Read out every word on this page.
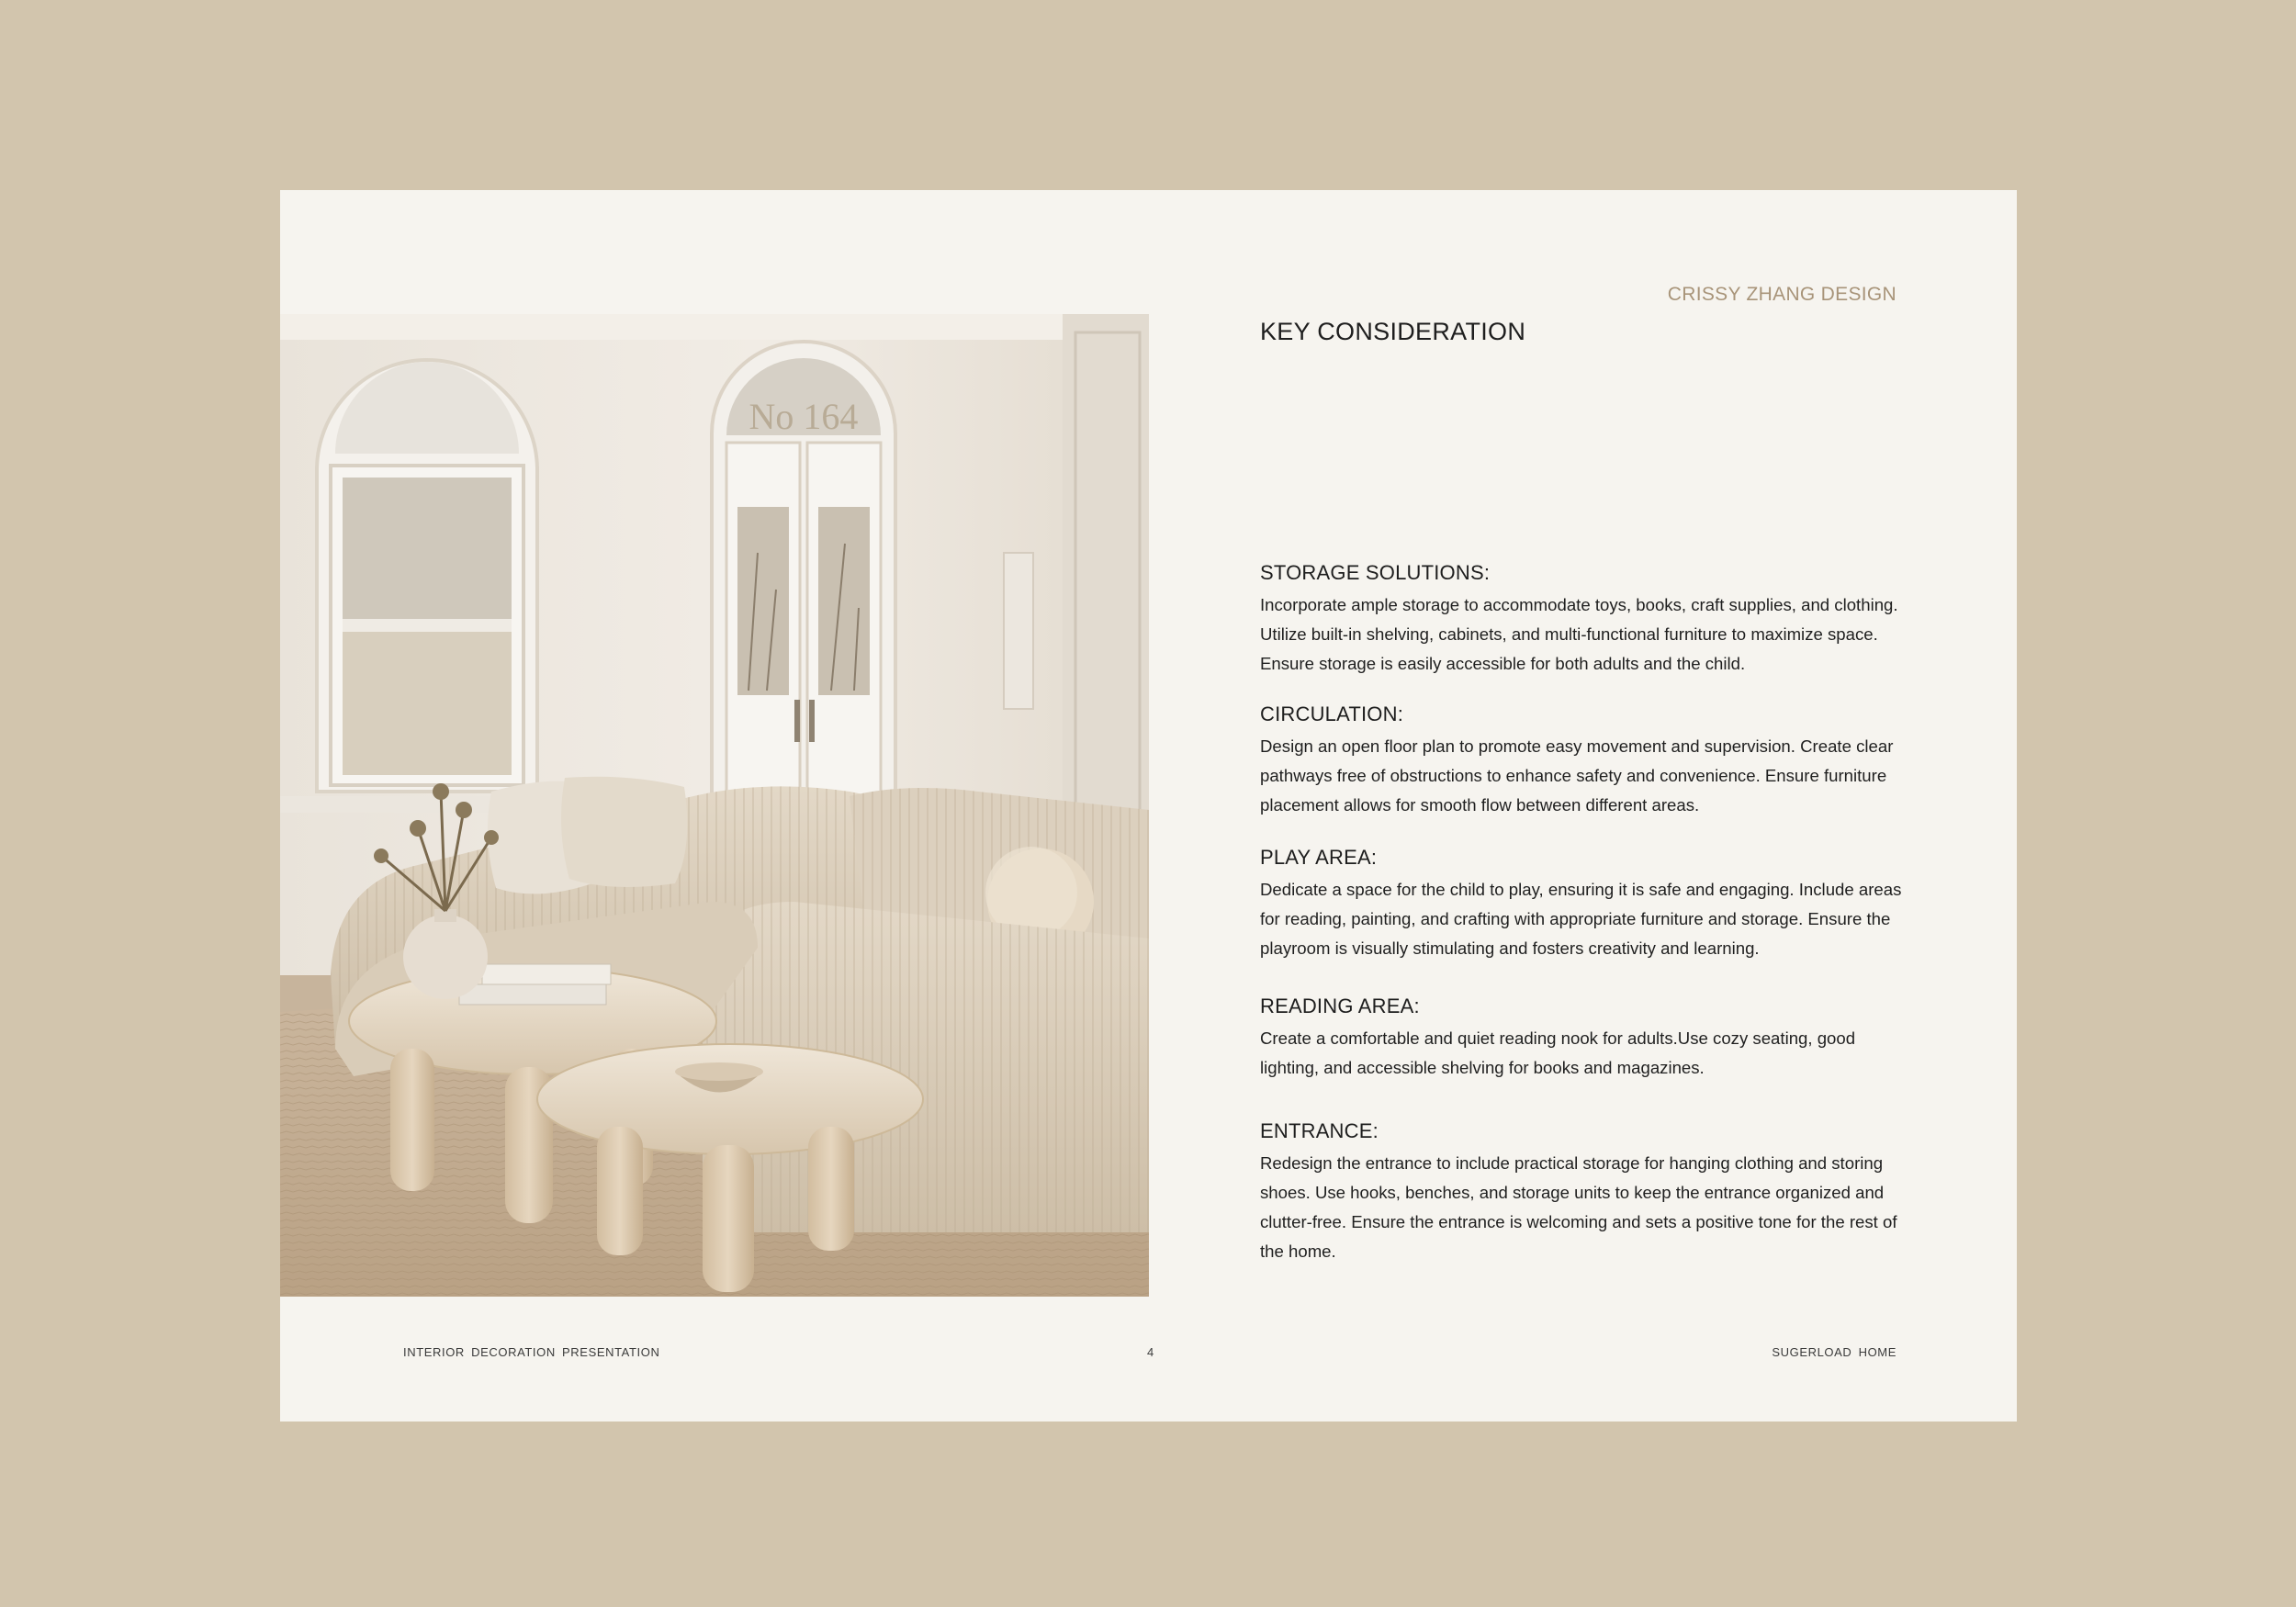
No 164
CRISSY ZHANG DESIGN
KEY CONSIDERATION
STORAGE SOLUTIONS:

Incorporate ample storage to accommodate toys, books, craft supplies, and clothing. Utilize built-in shelving, cabinets, and multi-functional furniture to maximize space. Ensure storage is easily accessible for both adults and the child.

CIRCULATION:

Design an open floor plan to promote easy movement and supervision. Create clear pathways free of obstructions to enhance safety and convenience. Ensure furniture placement allows for smooth flow between different areas.

PLAY AREA:

Dedicate a space for the child to play, ensuring it is safe and engaging. Include areas for reading, painting, and crafting with appropriate furniture and storage. Ensure the playroom is visually stimulating and fosters creativity and learning.

READING AREA:

Create a comfortable and quiet reading nook for adults.Use cozy seating, good lighting, and accessible shelving for books and magazines.

ENTRANCE:

Redesign the entrance to include practical storage for hanging clothing and storing shoes. Use hooks, benches, and storage units to keep the entrance organized and clutter-free. Ensure the entrance is welcoming and sets a positive tone for the rest of the home.

INTERIOR DECORATION PRESENTATION	4	SUGERLOAD HOME
